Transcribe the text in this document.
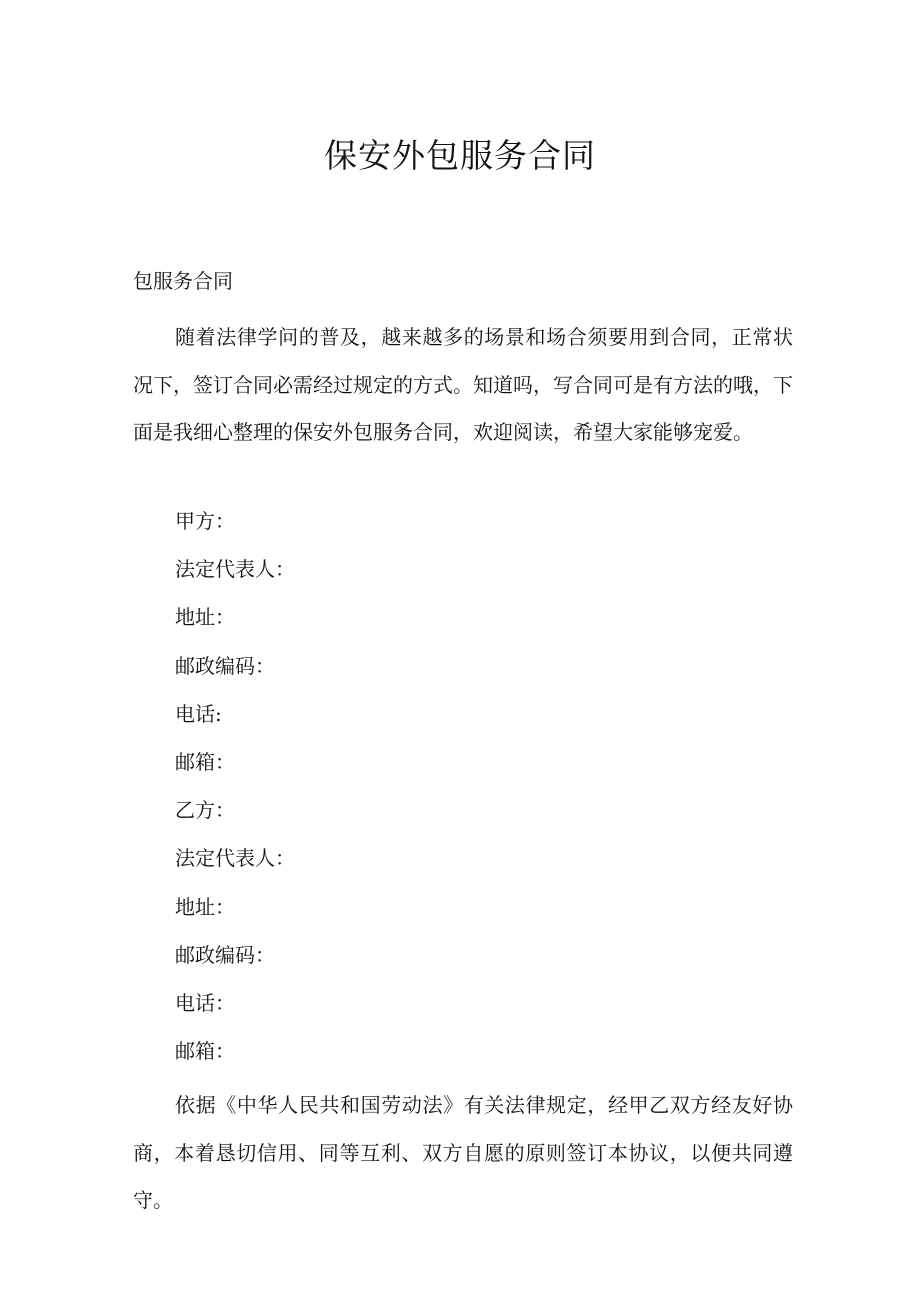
保安外包服务合同
包服务合同

随着法律学问的普及，越来越多的场景和场合须要用到合同，正常状况下，签订合同必需经过规定的方式。知道吗，写合同可是有方法的哦，下面是我细心整理的保安外包服务合同，欢迎阅读，希望大家能够宠爱。

甲方：
法定代表人：
地址：
邮政编码：
电话:
邮箱：
乙方：
法定代表人：
地址：
邮政编码：
电话：
邮箱：

依据《中华人民共和国劳动法》有关法律规定，经甲乙双方经友好协商，本着恳切信用、同等互利、双方自愿的原则签订本协议，以便共同遵守。
